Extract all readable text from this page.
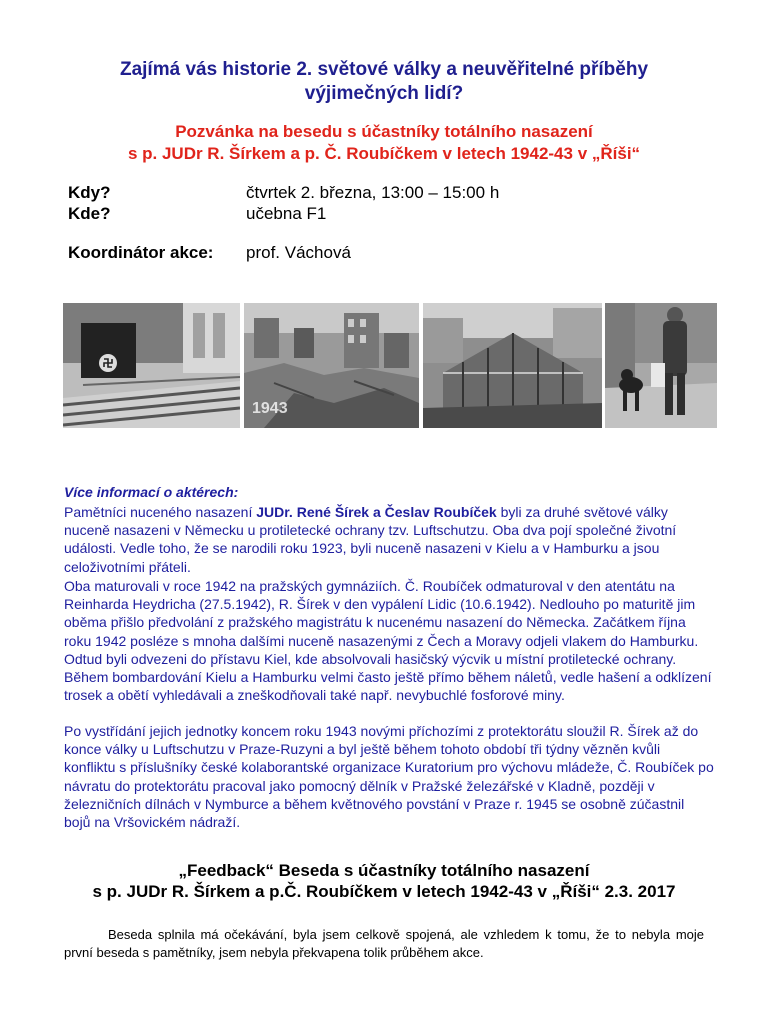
Zajímá vás historie 2. světové války a neuvěřitelné příběhy
výjimečných lidí?
Pozvánka na besedu s účastníky totálního nasazení
s p. JUDr R. Šírkem a p. Č. Roubíčkem v letech 1942-43 v „Říši“
Kdy?	čtvrtek 2. března, 13:00 – 15:00 h
Kde?	učebna F1
Koordinátor akce: prof. Váchová
1943
Více informací o aktérech:

Pamětníci nuceného nasazení JUDr. René Šírek a Česlav Roubíček byli za druhé světové války nuceně nasazeni v Německu u protiletecké ochrany tzv. Luftschutzu. Oba dva pojí společné životní události. Vedle toho, že se narodili roku 1923, byli nuceně nasazeni v Kielu a v Hamburku a jsou celoživotními přáteli.

Oba maturovali v roce 1942 na pražských gymnáziích. Č. Roubíček odmaturoval v den atentátu na Reinharda Heydricha (27.5.1942), R. Šírek v den vypálení Lidic (10.6.1942). Nedlouho po maturitě jim oběma přišlo předvolání z pražského magistrátu k nucenému nasazení do Německa. Začátkem října roku 1942 posléze s mnoha dalšími nuceně nasazenými z Čech a Moravy odjeli vlakem do Hamburku. Odtud byli odvezeni do přístavu Kiel, kde absolvovali hasičský výcvik u místní protiletecké ochrany. Během bombardování Kielu a Hamburku velmi často ještě přímo během náletů, vedle hašení a odklízení trosek a obětí vyhledávali a zneškodňovali také např. nevybuchlé fosforové miny.

Po vystřídání jejich jednotky koncem roku 1943 novými příchozími z protektorátu sloužil R. Šírek až do konce války u Luftschutzu v Praze-Ruzyni a byl ještě během tohoto období tři týdny vězněn kvůli konfliktu s příslušníky české kolaborantské organizace Kuratorium pro výchovu mládeže, Č. Roubíček po návratu do protektorátu pracoval jako pomocný dělník v Pražské železářské v Kladně, později v železničních dílnách v Nymburce a během květnového povstání v Praze r. 1945 se osobně zúčastnil bojů na Vršovickém nádraží.

„Feedback“ Beseda s účastníky totálního nasazení
s p. JUDr R. Šírkem a p.Č. Roubíčkem v letech 1942-43 v „Říši“ 2.3. 2017

Beseda splnila má očekávání, byla jsem celkově spojená, ale vzhledem k tomu, že to nebyla moje první beseda s pamětníky, jsem nebyla překvapena tolik průběhem akce.
